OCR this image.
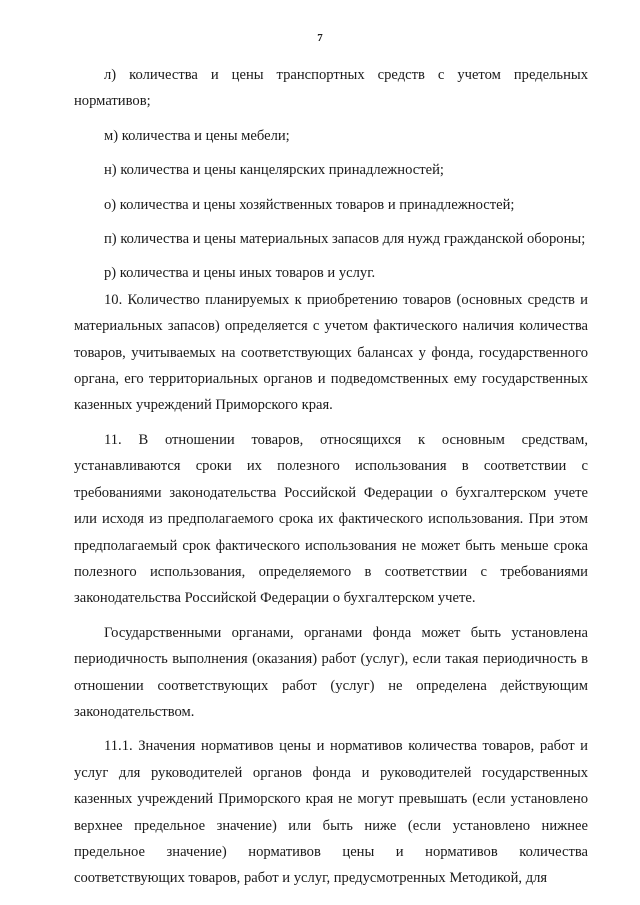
7

л) количества и цены транспортных средств с учетом предельных нормативов;

м) количества и цены мебели;

н) количества и цены канцелярских принадлежностей;

о) количества и цены хозяйственных товаров и принадлежностей;

п) количества и цены материальных запасов для нужд гражданской обороны;

р) количества и цены иных товаров и услуг.

10. Количество планируемых к приобретению товаров (основных средств и материальных запасов) определяется с учетом фактического наличия количества товаров, учитываемых на соответствующих балансах у фонда, государственного органа, его территориальных органов и подведомственных ему государственных казенных учреждений Приморского края.

11. В отношении товаров, относящихся к основным средствам, устанавливаются сроки их полезного использования в соответствии с требованиями законодательства Российской Федерации о бухгалтерском учете или исходя из предполагаемого срока их фактического использования. При этом предполагаемый срок фактического использования не может быть меньше срока полезного использования, определяемого в соответствии с требованиями законодательства Российской Федерации о бухгалтерском учете.

Государственными органами, органами фонда может быть установлена периодичность выполнения (оказания) работ (услуг), если такая периодичность в отношении соответствующих работ (услуг) не определена действующим законодательством.

11.1. Значения нормативов цены и нормативов количества товаров, работ и услуг для руководителей органов фонда и руководителей государственных казенных учреждений Приморского края не могут превышать (если установлено верхнее предельное значение) или быть ниже (если установлено нижнее предельное значение) нормативов цены и нормативов количества соответствующих товаров, работ и услуг, предусмотренных Методикой, для
